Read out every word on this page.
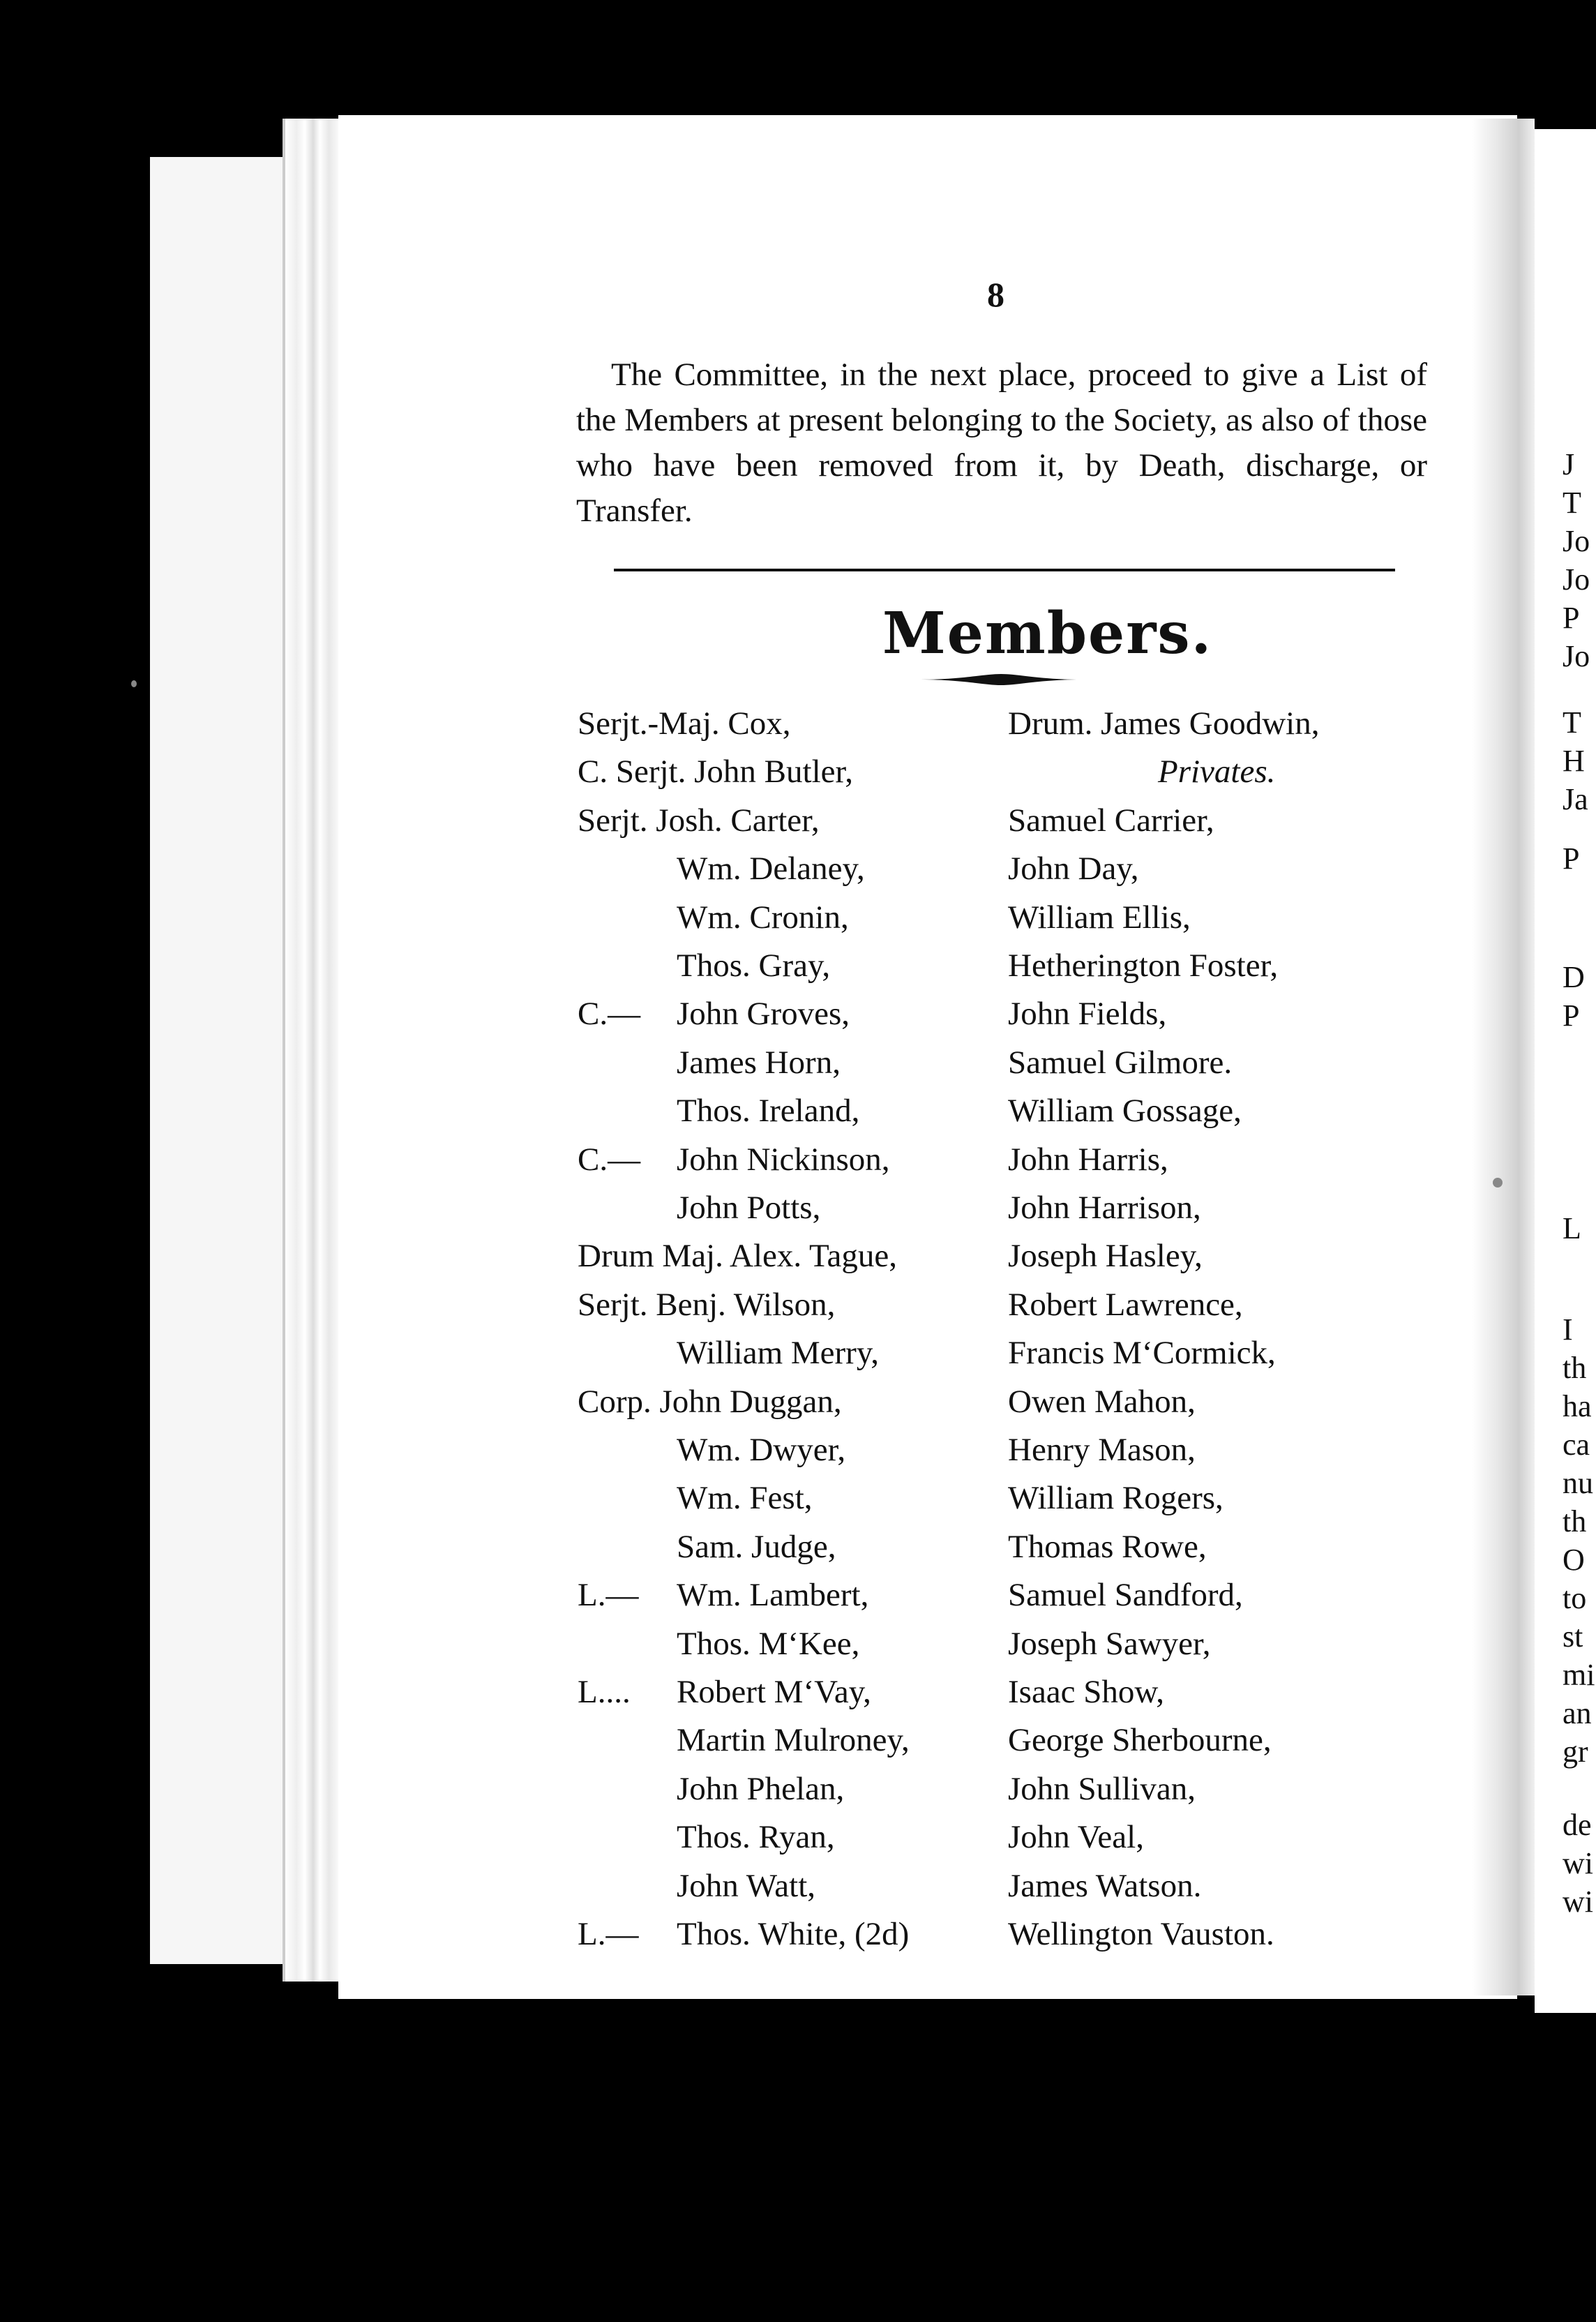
J
T
Jo
Jo
P
Jo
T
H
Ja
P
D
P
L
I
th
ha
ca
nu
th
O
to
st
mi
an
gr
de
wi
wi
8
The Committee, in the next place, proceed to give a List of the Members at present belonging to the Society, as also of those who have been removed from it, by Death, discharge, or Transfer.
Members.
Serjt.-Maj. Cox,
C. Serjt. John Butler,
Serjt. Josh. Carter,
Wm. Delaney,
Wm. Cronin,
Thos. Gray,
C.— John Groves,
James Horn,
Thos. Ireland,
C.— John Nickinson,
John Potts,
Drum Maj. Alex. Tague,
Serjt. Benj. Wilson,
William Merry,
Corp. John Duggan,
Wm. Dwyer,
Wm. Fest,
Sam. Judge,
L.— Wm. Lambert,
Thos. M‘Kee,
L.... Robert M‘Vay,
Martin Mulroney,
John Phelan,
Thos. Ryan,
John Watt,
L.— Thos. White, (2d)
Drum. James Goodwin,
Privates.
Samuel Carrier,
John Day,
William Ellis,
Hetherington Foster,
John Fields,
Samuel Gilmore.
William Gossage,
John Harris,
John Harrison,
Joseph Hasley,
Robert Lawrence,
Francis M‘Cormick,
Owen Mahon,
Henry Mason,
William Rogers,
Thomas Rowe,
Samuel Sandford,
Joseph Sawyer,
Isaac Show,
George Sherbourne,
John Sullivan,
John Veal,
James Watson.
Wellington Vauston.
